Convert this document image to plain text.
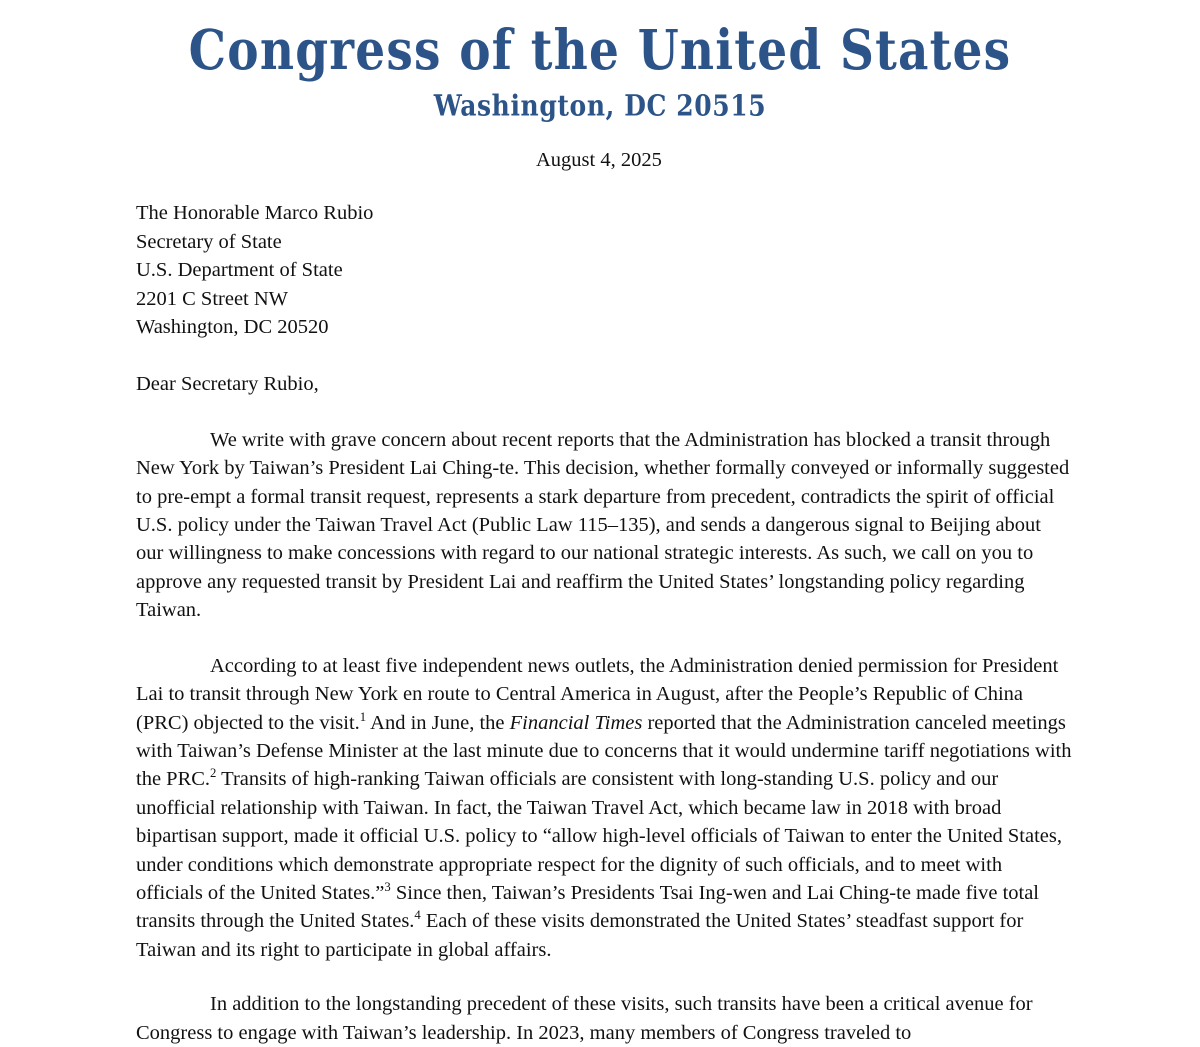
Congress of the United States
Washington, DC 20515
August 4, 2025
The Honorable Marco Rubio
Secretary of State
U.S. Department of State
2201 C Street NW
Washington, DC 20520
Dear Secretary Rubio,
We write with grave concern about recent reports that the Administration has blocked a transit through New York by Taiwan’s President Lai Ching-te. This decision, whether formally conveyed or informally suggested to pre-empt a formal transit request, represents a stark departure from precedent, contradicts the spirit of official U.S. policy under the Taiwan Travel Act (Public Law 115–135), and sends a dangerous signal to Beijing about our willingness to make concessions with regard to our national strategic interests. As such, we call on you to approve any requested transit by President Lai and reaffirm the United States’ longstanding policy regarding Taiwan.
According to at least five independent news outlets, the Administration denied permission for President Lai to transit through New York en route to Central America in August, after the People’s Republic of China (PRC) objected to the visit.$^1$ And in June, the Financial Times reported that the Administration canceled meetings with Taiwan’s Defense Minister at the last minute due to concerns that it would undermine tariff negotiations with the PRC.$^2$ Transits of high-ranking Taiwan officials are consistent with long-standing U.S. policy and our unofficial relationship with Taiwan. In fact, the Taiwan Travel Act, which became law in 2018 with broad bipartisan support, made it official U.S. policy to “allow high-level officials of Taiwan to enter the United States, under conditions which demonstrate appropriate respect for the dignity of such officials, and to meet with officials of the United States.”$^3$ Since then, Taiwan’s Presidents Tsai Ing-wen and Lai Ching-te made five total transits through the United States.$^4$ Each of these visits demonstrated the United States’ steadfast support for Taiwan and its right to participate in global affairs.
In addition to the longstanding precedent of these visits, such transits have been a critical avenue for Congress to engage with Taiwan’s leadership. In 2023, many members of Congress traveled to
